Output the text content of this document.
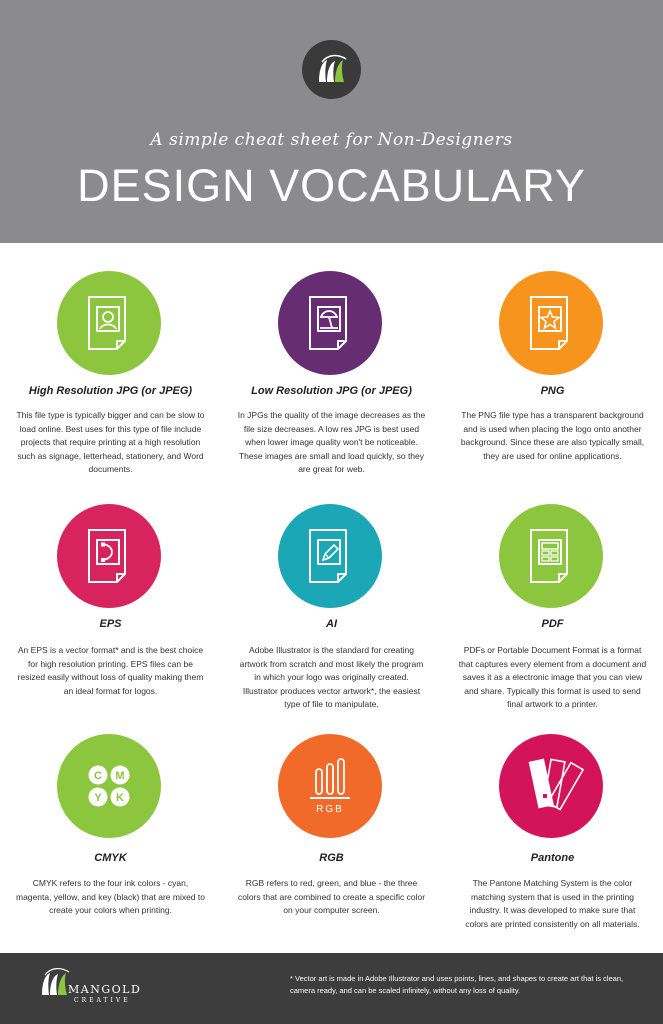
A simple cheat sheet for Non-Designers
DESIGN VOCABULARY
High Resolution JPG (or JPEG)
This file type is typically bigger and can be slow to load online. Best uses for this type of file include projects that require printing at a high resolution such as signage, letterhead, stationery, and Word documents.
Low Resolution JPG (or JPEG)
In JPGs the quality of the image decreases as the file size decreases. A low res JPG is best used when lower image quality won't be noticeable. These images are small and load quickly, so they are great for web.
PNG
The PNG file type has a transparent background and is used when placing the logo onto another background. Since these are also typically small, they are used for online applications.
EPS
An EPS is a vector format* and is the best choice for high resolution printing. EPS files can be resized easily without loss of quality making them an ideal format for logos.
AI
Adobe Illustrator is the standard for creating artwork from scratch and most likely the program in which your logo was originally created. Illustrator produces vector artwork*, the easiest type of file to manipulate.
PDF
PDFs or Portable Document Format is a format that captures every element from a document and saves it as a electronic image that you can view and share. Typically this format is used to send final artwork to a printer.
C M
Y K
CMYK
CMYK refers to the four ink colors - cyan, magenta, yellow, and key (black) that are mixed to create your colors when printing.
RGB
RGB
RGB refers to red, green, and blue - the three colors that are combined to create a specific color on your computer screen.
Pantone
The Pantone Matching System is the color matching system that is used in the printing industry. It was developed to make sure that colors are printed consistently on all materials.
MANGOLD
CREATIVE
* Vector art is made in Adobe Illustrator and uses points, lines, and shapes to create art that is clean, camera ready, and can be scaled infinitely, without any loss of quality.
